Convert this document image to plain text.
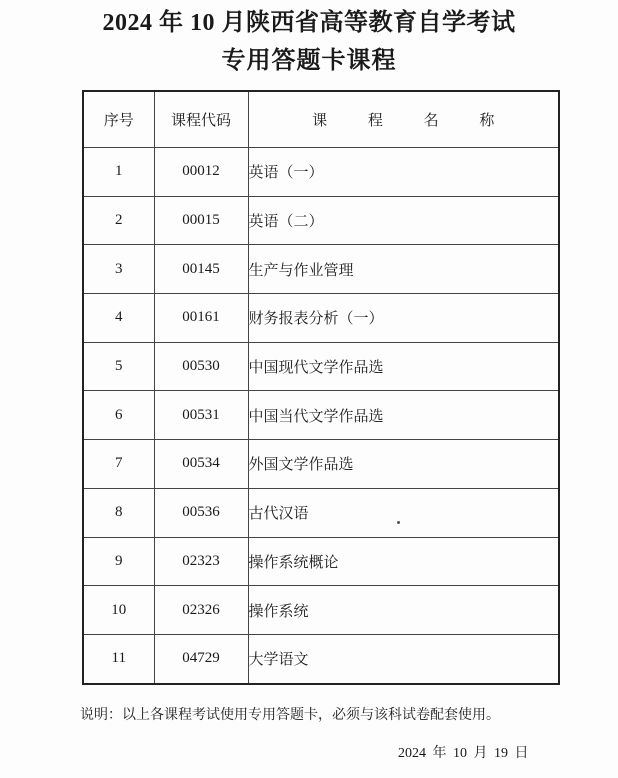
2024 年 10 月陕西省高等教育自学考试
专用答题卡课程
序号	课程代码	课 程 名 称
1	00012	英语（一）
2	00015	英语（二）
3	00145	生产与作业管理
4	00161	财务报表分析（一）
5	00530	中国现代文学作品选
6	00531	中国当代文学作品选
7	00534	外国文学作品选
8	00536	古代汉语
9	02323	操作系统概论
10	02326	操作系统
11	04729	大学语文
说明：以上各课程考试使用专用答题卡，必须与该科试卷配套使用。
2024 年 10 月 19 日
